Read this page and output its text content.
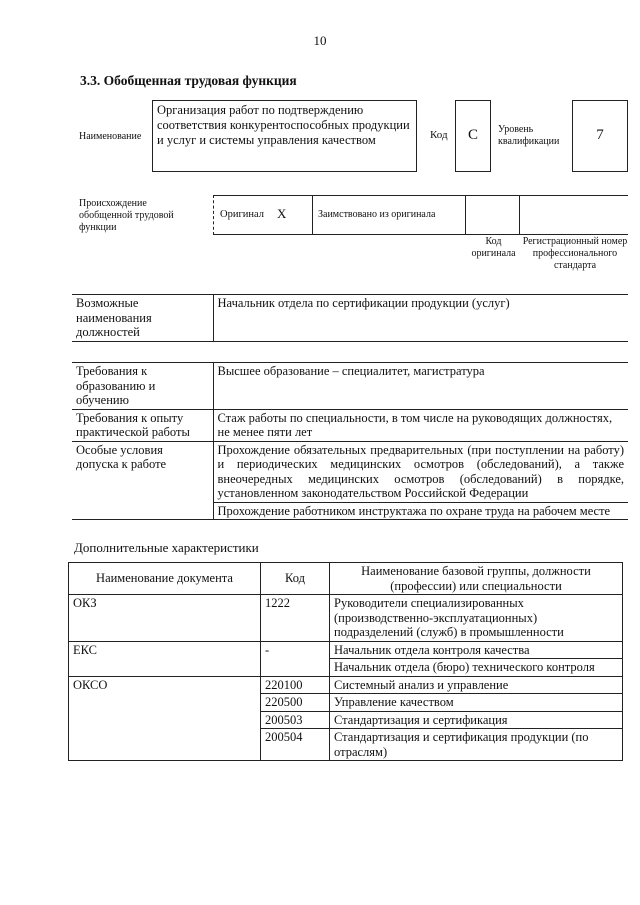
10
3.3. Обобщенная трудовая функция
Наименование
Организация работ по подтверждению соответствия конкурентоспособных продукции и услуг и системы управления качеством	Код	C	Уровень квалификации	7
Происхождение обобщенной трудовой функции
Оригинал X	Заимствовано из оригинала
Код оригинала
Регистрационный номер профессионального стандарта
Возможные наименования должностей	Начальник отдела по сертификации продукции (услуг)
Требования к образованию и обучению	Высшее образование – специалитет, магистратура
Требования к опыту практической работы	Стаж работы по специальности, в том числе на руководящих должностях, не менее пяти лет
Особые условия допуска к работе	Прохождение обязательных предварительных (при поступлении на работу) и периодических медицинских осмотров (обследований), а также внеочередных медицинских осмотров (обследований) в порядке, установленном законодательством Российской Федерации
	Прохождение работником инструктажа по охране труда на рабочем месте
Дополнительные характеристики
Наименование документа	Код	Наименование базовой группы, должности (профессии) или специальности
ОКЗ	1222	Руководители специализированных (производственно-эксплуатационных) подразделений (служб) в промышленности
ЕКС	-	Начальник отдела контроля качества
		Начальник отдела (бюро) технического контроля
ОКСО	220100	Системный анализ и управление
	220500	Управление качеством
	200503	Стандартизация и сертификация
	200504	Стандартизация и сертификация продукции (по отраслям)
